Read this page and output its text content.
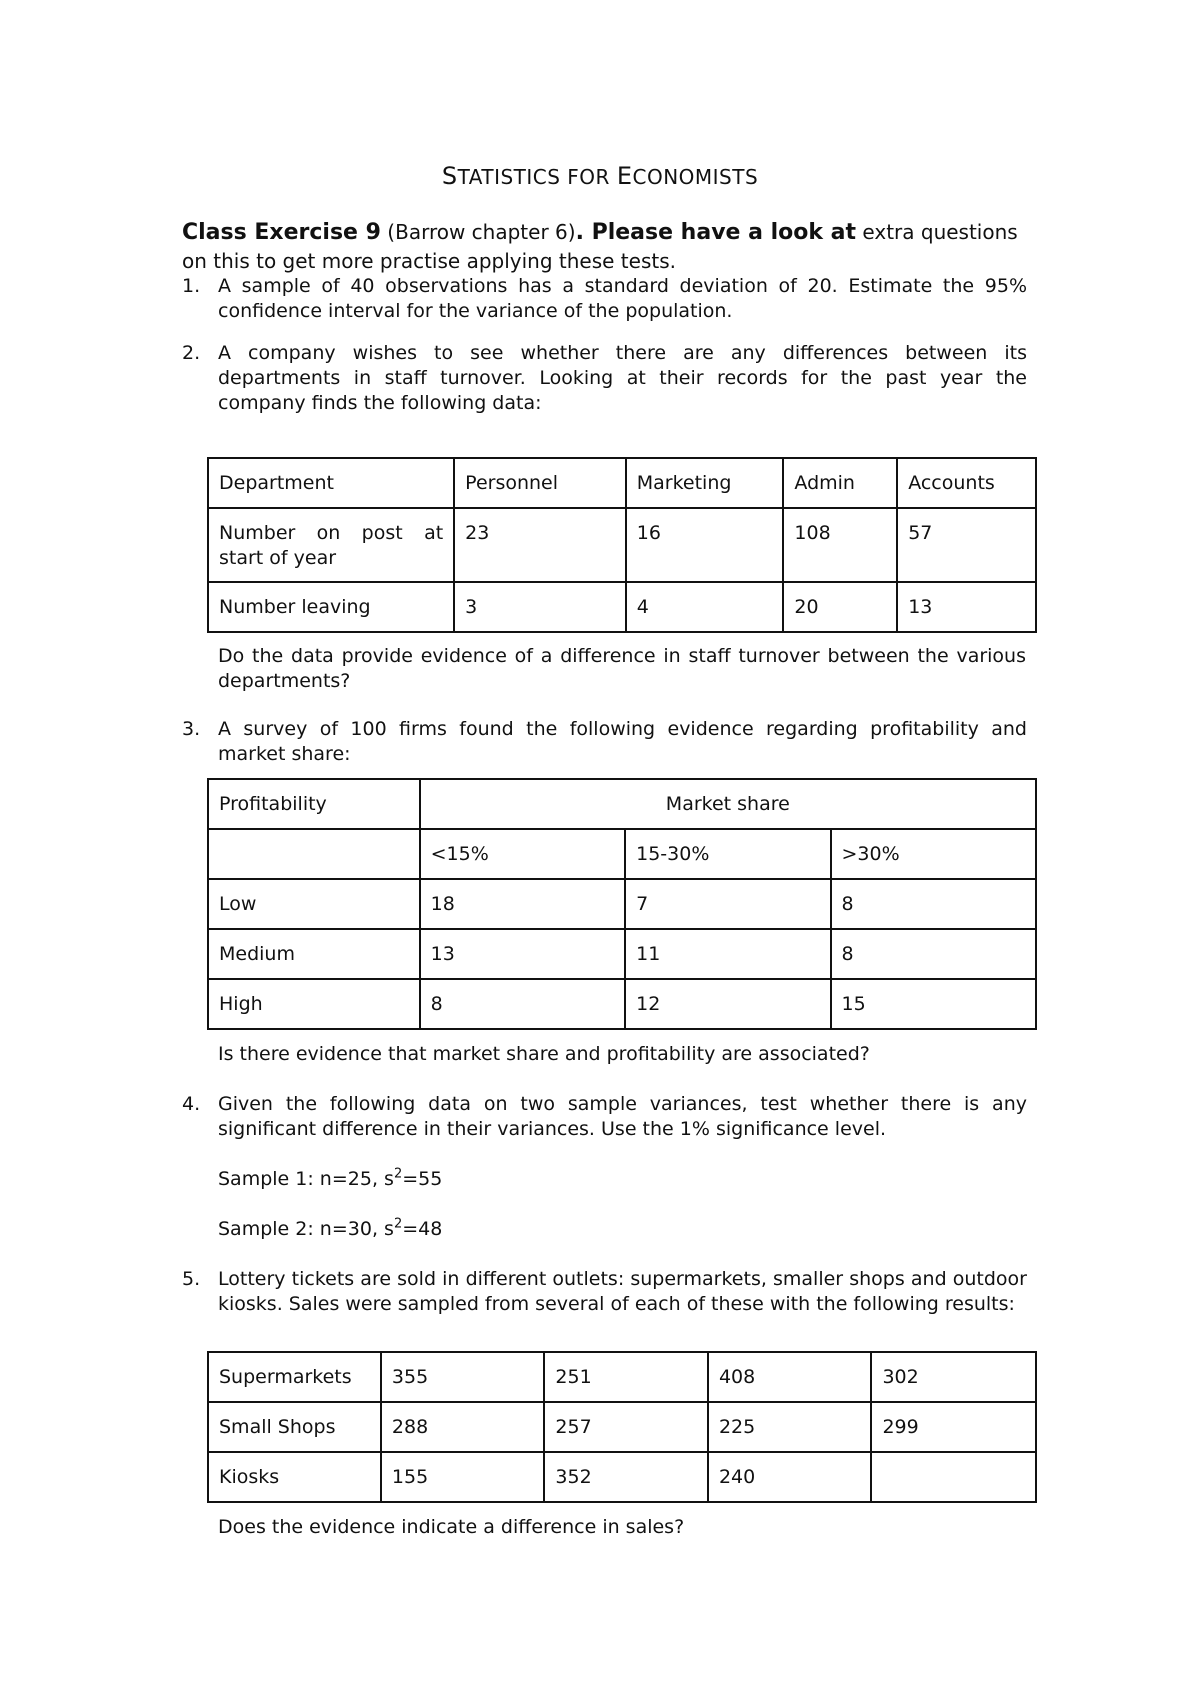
STATISTICS FOR ECONOMISTS
Class Exercise 9 (Barrow chapter 6). Please have a look at extra questions on this to get more practise applying these tests.
1. A sample of 40 observations has a standard deviation of 20. Estimate the 95% confidence interval for the variance of the population.
2. A company wishes to see whether there are any differences between its departments in staff turnover. Looking at their records for the past year the company finds the following data:
Department	Personnel	Marketing	Admin	Accounts
Number on post at start of year	23	16	108	57
Number leaving	3	4	20	13
Do the data provide evidence of a difference in staff turnover between the various departments?
3. A survey of 100 firms found the following evidence regarding profitability and market share:
Profitability	Market share		
	<15%	15-30%	>30%
Low	18	7	8
Medium	13	11	8
High	8	12	15
Is there evidence that market share and profitability are associated?
4. Given the following data on two sample variances, test whether there is any significant difference in their variances. Use the 1% significance level.
Sample 1: n=25, $s^2=55$
Sample 2: n=30, $s^2=48$
5. Lottery tickets are sold in different outlets: supermarkets, smaller shops and outdoor kiosks. Sales were sampled from several of each of these with the following results:
Supermarkets	355	251	408	302
Small Shops	288	257	225	299
Kiosks	155	352	240	
Does the evidence indicate a difference in sales?
